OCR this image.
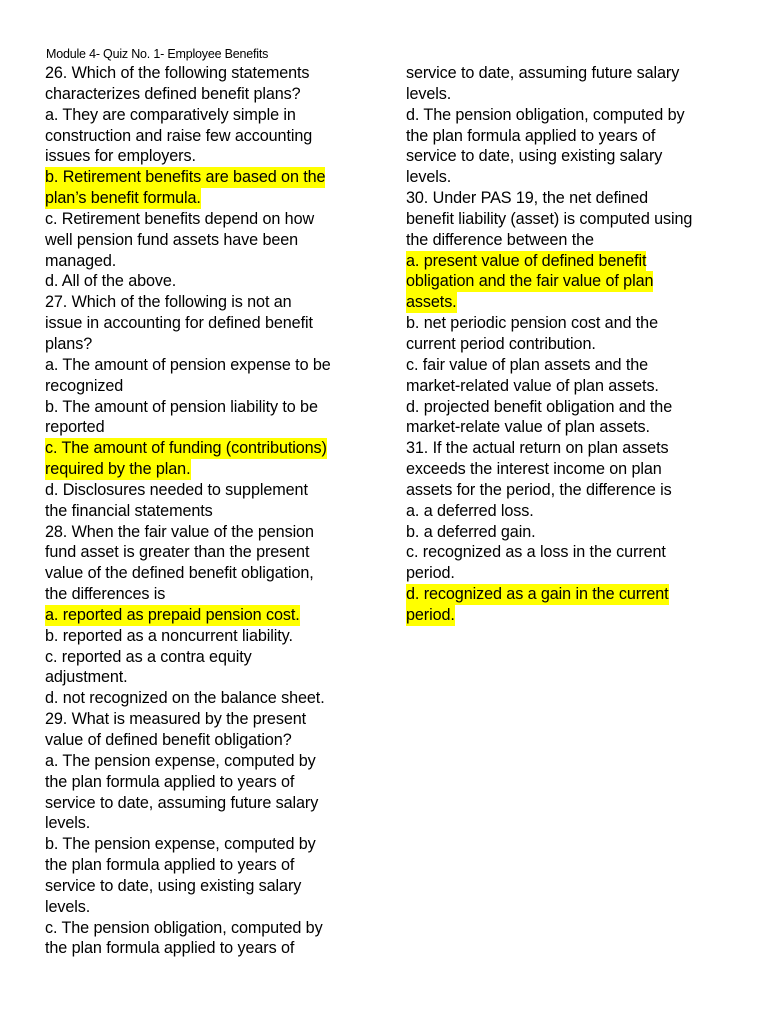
Module 4- Quiz No. 1- Employee Benefits
26. Which of the following statements
characterizes defined benefit plans?
a. They are comparatively simple in
construction and raise few accounting
issues for employers.
b. Retirement benefits are based on the
plan’s benefit formula.
c. Retirement benefits depend on how
well pension fund assets have been
managed.
d. All of the above.
27. Which of the following is not an
issue in accounting for defined benefit
plans?
a. The amount of pension expense to be
recognized
b. The amount of pension liability to be
reported
c. The amount of funding (contributions)
required by the plan.
d. Disclosures needed to supplement
the financial statements
28. When the fair value of the pension
fund asset is greater than the present
value of the defined benefit obligation,
the differences is
a. reported as prepaid pension cost.
b. reported as a noncurrent liability.
c. reported as a contra equity
adjustment.
d. not recognized on the balance sheet.
29. What is measured by the present
value of defined benefit obligation?
a. The pension expense, computed by
the plan formula applied to years of
service to date, assuming future salary
levels.
b. The pension expense, computed by
the plan formula applied to years of
service to date, using existing salary
levels.
c. The pension obligation, computed by
the plan formula applied to years of
service to date, assuming future salary
levels.
d. The pension obligation, computed by
the plan formula applied to years of
service to date, using existing salary
levels.
30. Under PAS 19, the net defined
benefit liability (asset) is computed using
the difference between the
a. present value of defined benefit
obligation and the fair value of plan
assets.
b. net periodic pension cost and the
current period contribution.
c. fair value of plan assets and the
market-related value of plan assets.
d. projected benefit obligation and the
market-relate value of plan assets.
31. If the actual return on plan assets
exceeds the interest income on plan
assets for the period, the difference is
a. a deferred loss.
b. a deferred gain.
c. recognized as a loss in the current
period.
d. recognized as a gain in the current
period.
